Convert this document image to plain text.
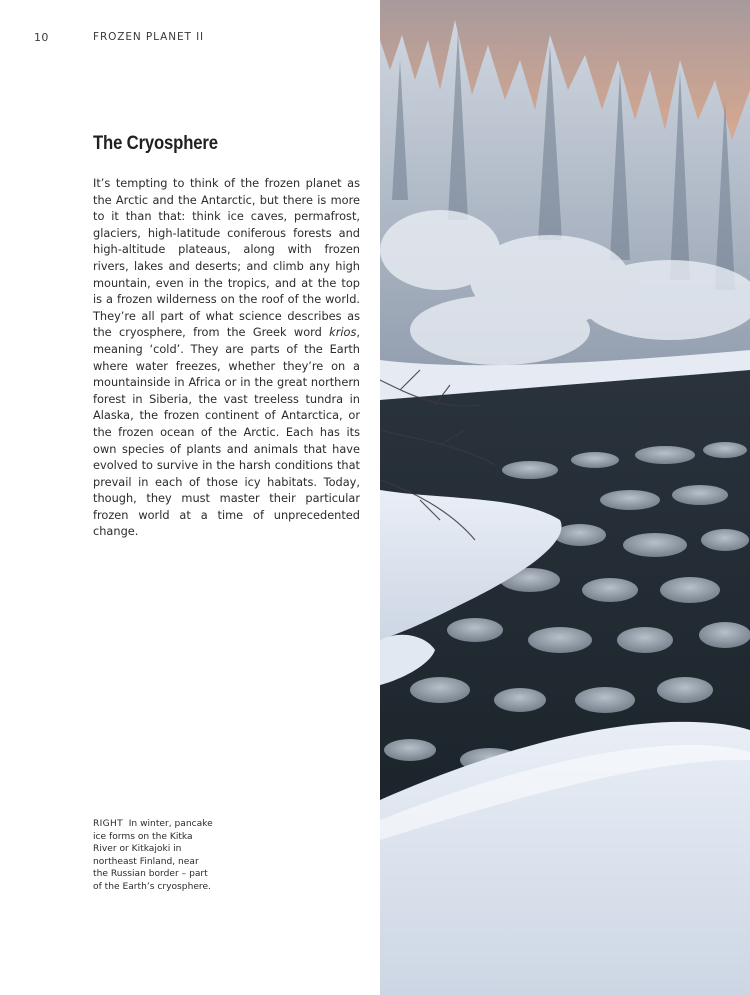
10	FROZEN PLANET II
The Cryosphere

It’s tempting to think of the frozen planet as the Arctic and the Antarctic, but there is more to it than that: think ice caves, permafrost, glaciers, high-latitude coniferous forests and high-altitude plateaus, along with frozen rivers, lakes and deserts; and climb any high mountain, even in the tropics, and at the top is a frozen wilderness on the roof of the world. They’re all part of what science describes as the cryosphere, from the Greek word krios, meaning ‘cold’. They are parts of the Earth where water freezes, whether they’re on a mountainside in Africa or in the great northern forest in Siberia, the vast treeless tundra in Alaska, the frozen continent of Antarctica, or the frozen ocean of the Arctic. Each has its own species of plants and animals that have evolved to survive in the harsh conditions that prevail in each of those icy habitats. Today, though, they must master their particular frozen world at a time of unprecedented change.

RIGHT In winter, pancake ice forms on the Kitka River or Kitkajoki in northeast Finland, near the Russian border – part of the Earth’s cryosphere.
